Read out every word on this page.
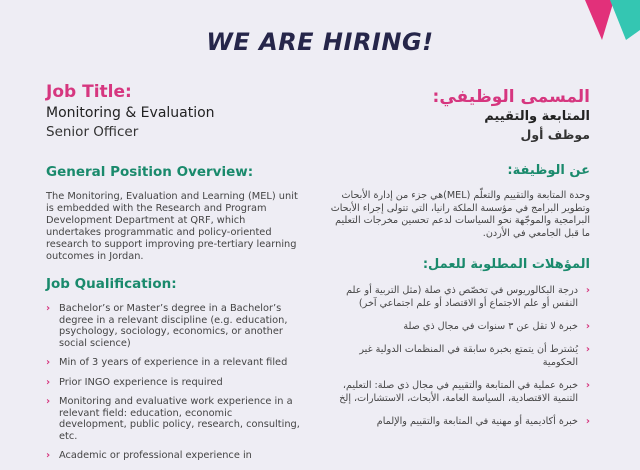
WE ARE HIRING!

Job Title:

Monitoring & Evaluation

Senior Officer

General Position Overview:

The Monitoring, Evaluation and Learning (MEL) unit is embedded with the Research and Program Development Department at QRF, which undertakes programmatic and policy-oriented research to support improving pre-tertiary learning outcomes in Jordan.

Job Qualification:

› Bachelor’s or Master’s degree in a Bachelor’s degree in a relevant discipline (e.g. education, psychology, sociology, economics, or another social science)
› Min of 3 years of experience in a relevant filed
› Prior INGO experience is required
› Monitoring and evaluative work experience in a relevant field: education, economic development, public policy, research, consulting, etc.
› Academic or professional experience in

المسمى الوظيفي:

المتابعة والتقييم

موظف أول

عن الوظيفة:

وحدة المتابعة والتقييم والتعلّم (MEL)هي جزء من إدارة الأبحاث وتطوير البرامج في مؤسسة الملكة رانيا، التي تتولى إجراء الأبحاث البرامجية والموجّهة نحو السياسات لدعم تحسين مخرجات التعليم ما قبل الجامعي في الأردن.

المؤهلات المطلوبة للعمل:

‹
درجة البكالوريوس في تخصّص ذي صلة (مثل التربية أو علم النفس أو علم الاجتماع أو الاقتصاد أو علم اجتماعي آخر)
‹
خبرة لا تقل عن ٣ سنوات في مجال ذي صلة
‹
يُشترط أن يتمتع بخبرة سابقة في المنظمات الدولية غير الحكومية
‹
خبرة عملية في المتابعة والتقييم في مجال ذي صلة: التعليم، التنمية الاقتصادية، السياسة العامة، الأبحاث، الاستشارات، إلخ
‹
خبرة أكاديمية أو مهنية في المتابعة والتقييم والإلمام
